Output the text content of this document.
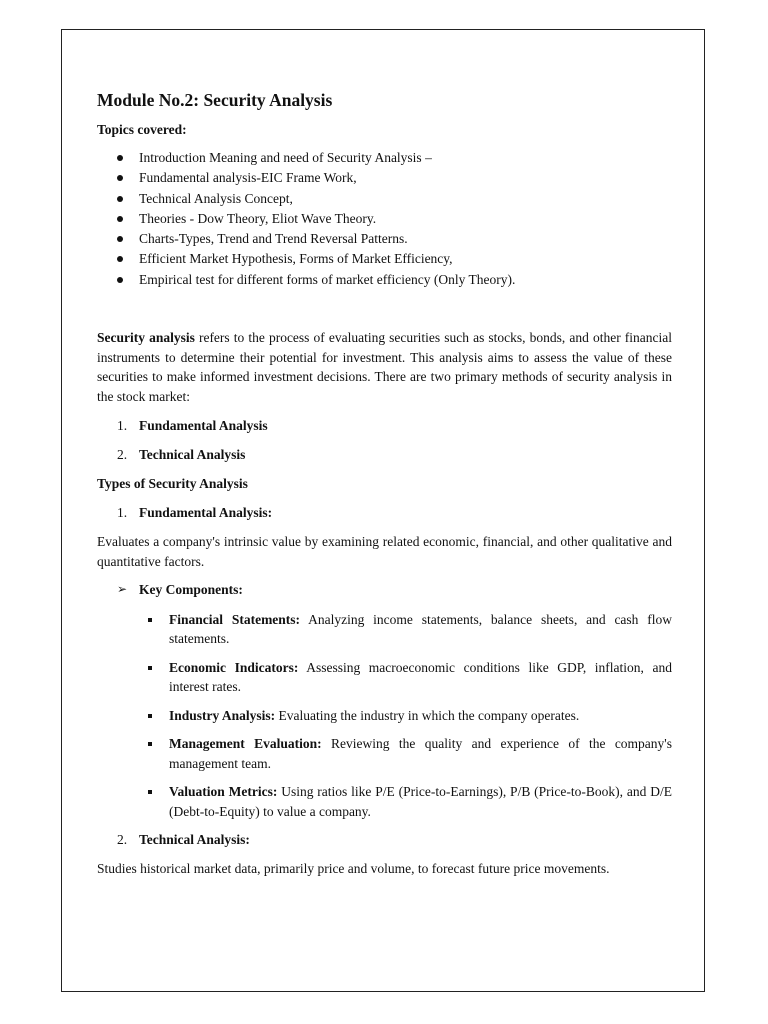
Module No.2: Security Analysis
Topics covered:
Introduction Meaning and need of Security Analysis –
Fundamental analysis-EIC Frame Work,
Technical Analysis Concept,
Theories - Dow Theory, Eliot Wave Theory.
Charts-Types, Trend and Trend Reversal Patterns.
Efficient Market Hypothesis, Forms of Market Efficiency,
Empirical test for different forms of market efficiency (Only Theory).

Security analysis refers to the process of evaluating securities such as stocks, bonds, and other financial instruments to determine their potential for investment. This analysis aims to assess the value of these securities to make informed investment decisions. There are two primary methods of security analysis in the stock market:

1. Fundamental Analysis
2. Technical Analysis
Types of Security Analysis
1. Fundamental Analysis:

Evaluates a company's intrinsic value by examining related economic, financial, and other qualitative and quantitative factors.

➢ Key Components:
Financial Statements: Analyzing income statements, balance sheets, and cash flow statements.
Economic Indicators: Assessing macroeconomic conditions like GDP, inflation, and interest rates.
Industry Analysis: Evaluating the industry in which the company operates.
Management Evaluation: Reviewing the quality and experience of the company's management team.
Valuation Metrics: Using ratios like P/E (Price-to-Earnings), P/B (Price-to-Book), and D/E (Debt-to-Equity) to value a company.
2. Technical Analysis:

Studies historical market data, primarily price and volume, to forecast future price movements.
